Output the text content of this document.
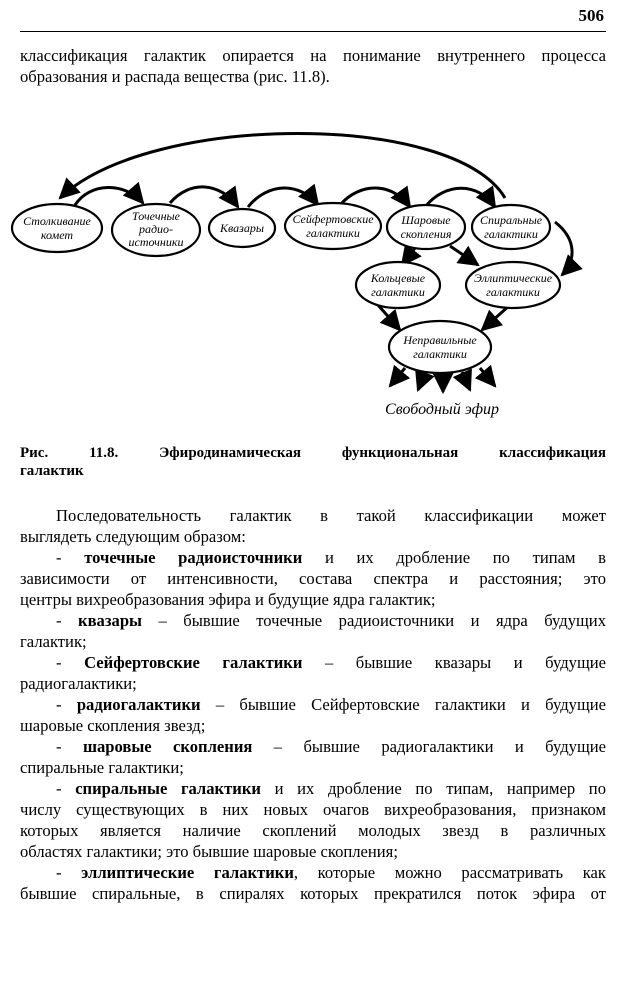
506
классификация галактик опирается на понимание внутреннего процесса
образования и распада вещества (рис. 11.8).
Столкивание
комет
Точечные
радио-
источники
Квазары
Сейфертовские
галактики
Шаровые
скопления
Спиральные
галактики
Кольцевые
галактики
Эллиптические
галактики
Неправильные
галактики
Свободный эфир
Рис. 11.8. Эфиродинамическая функциональная классификация
галактик
Последовательность галактик в такой классификации может
выглядеть следующим образом:
- точечные радиоисточники и их дробление по типам в
зависимости от интенсивности, состава спектра и расстояния; это
центры вихреобразования эфира и будущие ядра галактик;
- квазары – бывшие точечные радиоисточники и ядра будущих
галактик;
- Сейфертовские галактики – бывшие квазары и будущие
радиогалактики;
- радиогалактики – бывшие Сейфертовские галактики и будущие
шаровые скопления звезд;
- шаровые скопления – бывшие радиогалактики и будущие
спиральные галактики;
- спиральные галактики и их дробление по типам, например по
числу существующих в них новых очагов вихреобразования, признаком
которых является наличие скоплений молодых звезд в различных
областях галактики; это бывшие шаровые скопления;
- эллиптические галактики, которые можно рассматривать как
бывшие спиральные, в спиралях которых прекратился поток эфира от
